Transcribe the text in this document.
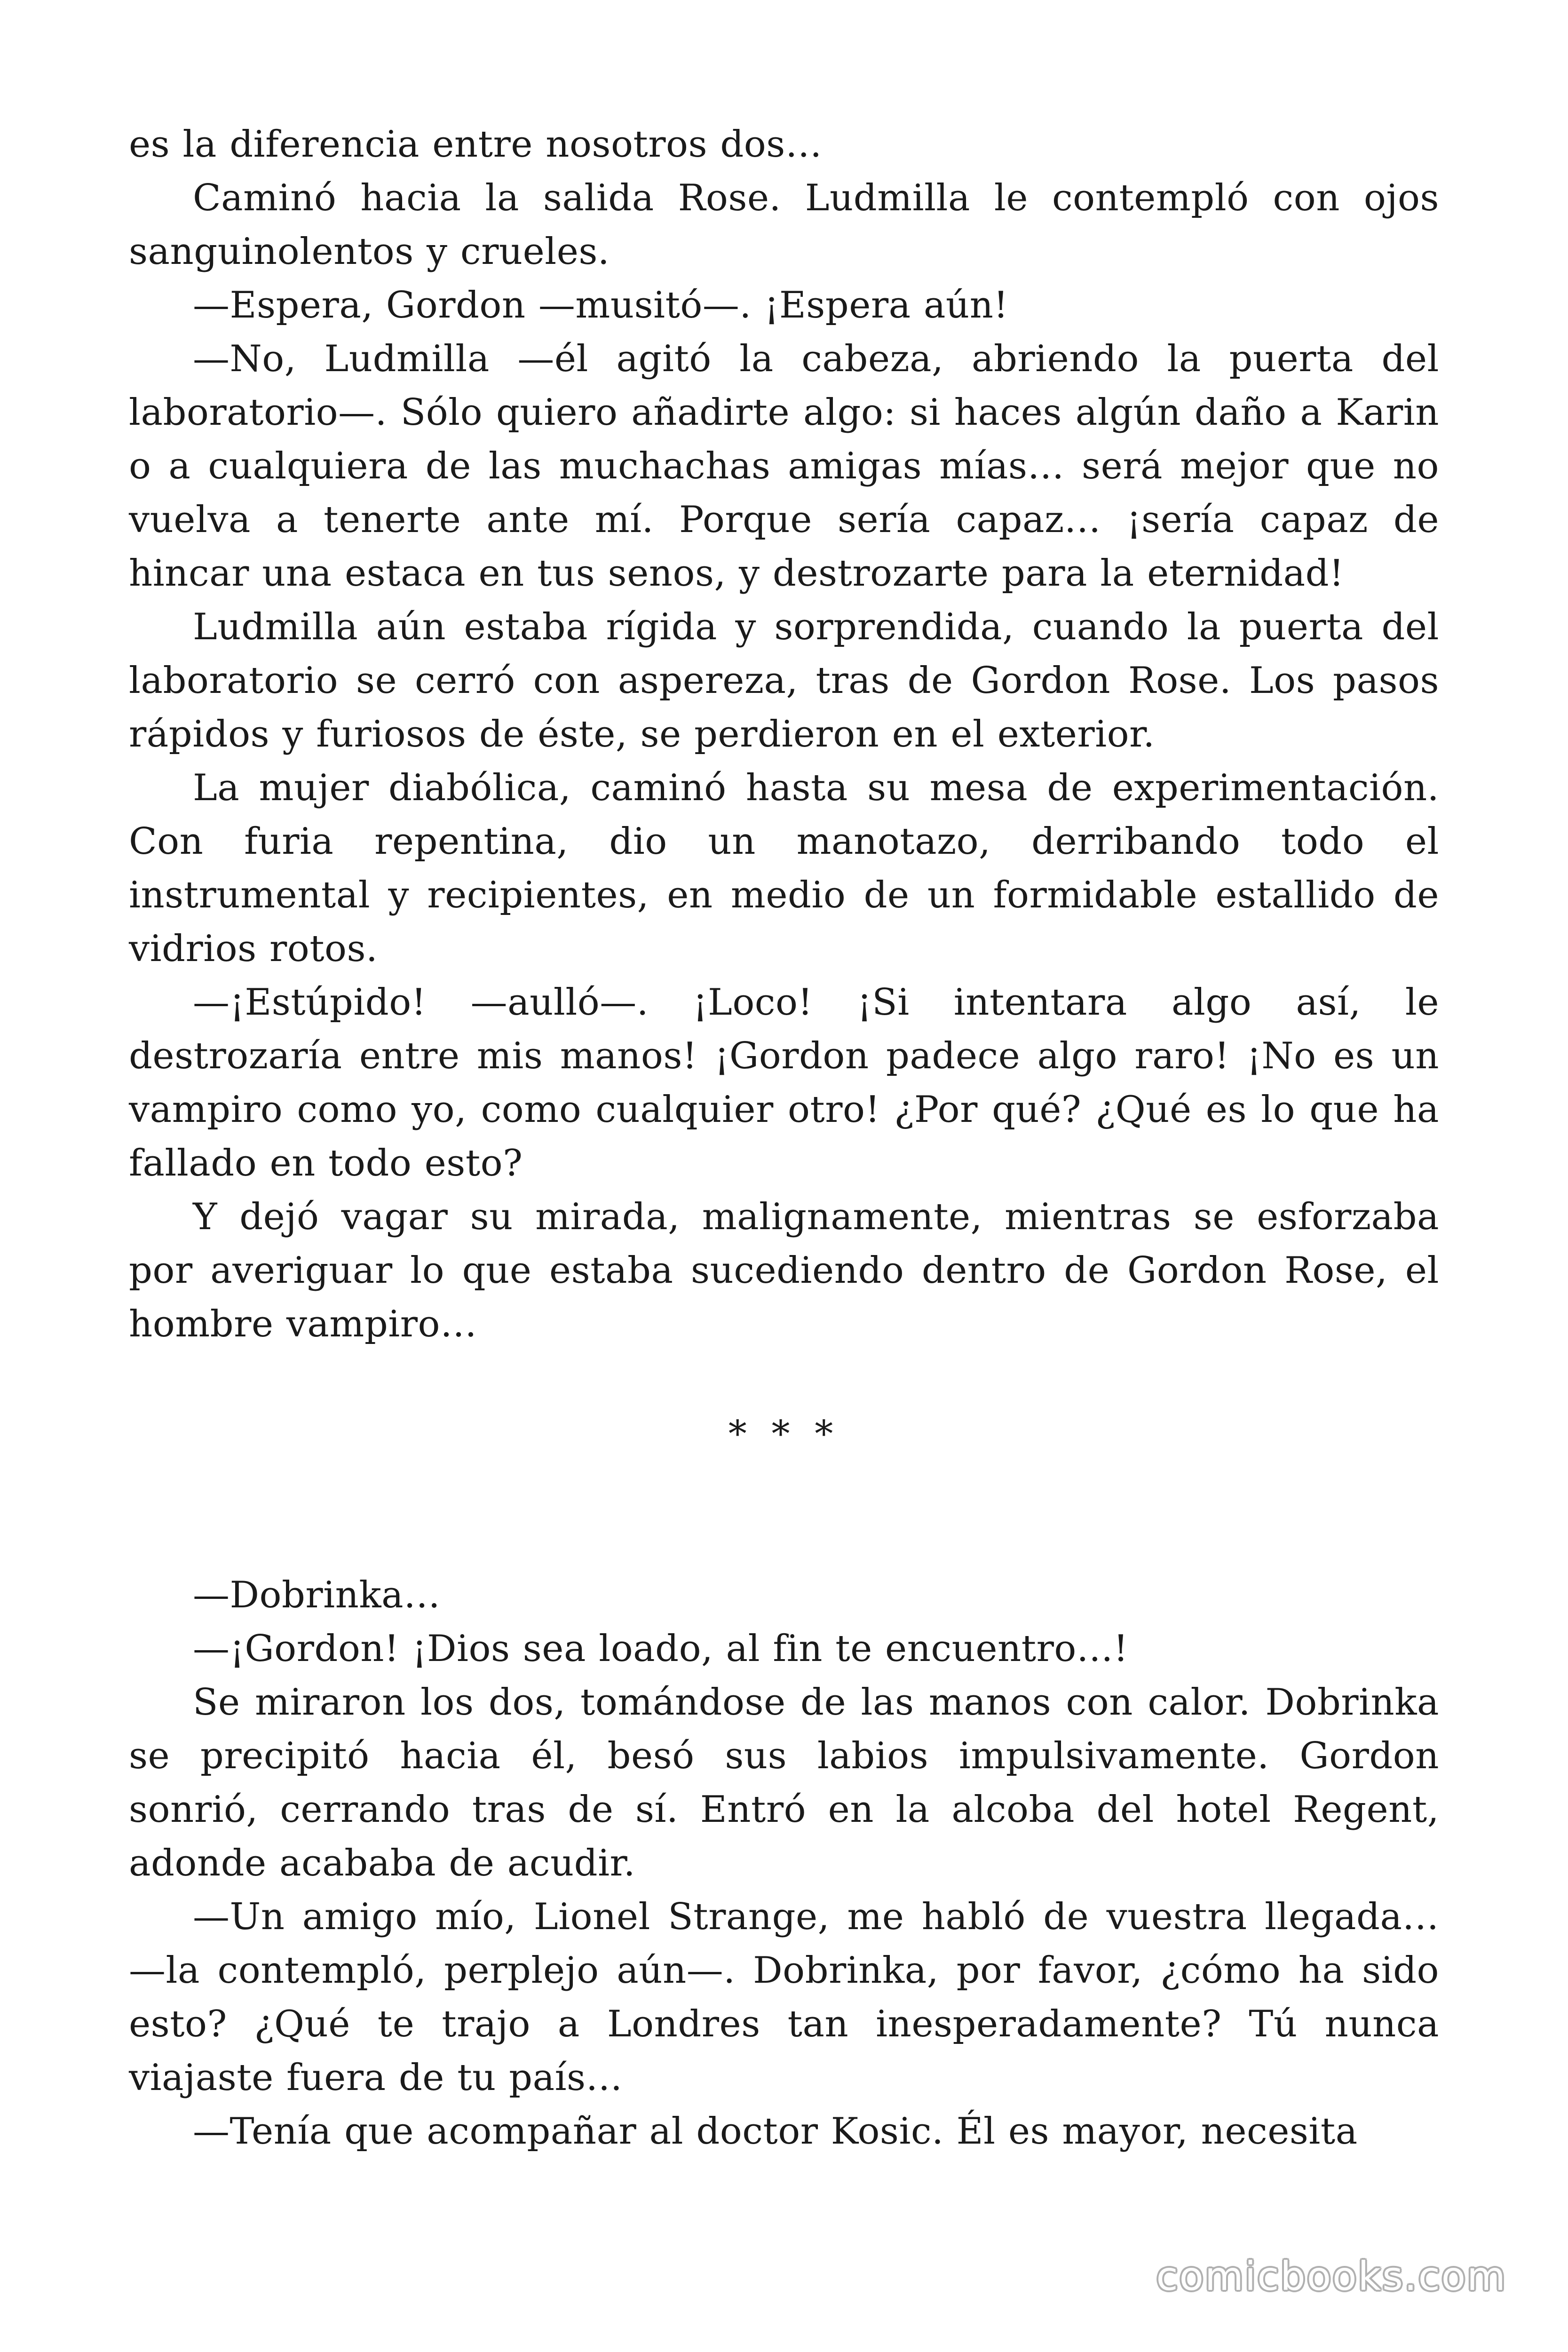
es la diferencia entre nosotros dos…

Caminó hacia la salida Rose. Ludmilla le contempló con ojos sanguinolentos y crueles.

—Espera, Gordon —musitó—. ¡Espera aún!

—No, Ludmilla —él agitó la cabeza, abriendo la puerta del laboratorio—. Sólo quiero añadirte algo: si haces algún daño a Karin o a cualquiera de las muchachas amigas mías… será mejor que no vuelva a tenerte ante mí. Porque sería capaz… ¡sería capaz de hincar una estaca en tus senos, y destrozarte para la eternidad!

Ludmilla aún estaba rígida y sorprendida, cuando la puerta del laboratorio se cerró con aspereza, tras de Gordon Rose. Los pasos rápidos y furiosos de éste, se perdieron en el exterior.

La mujer diabólica, caminó hasta su mesa de experimentación. Con furia repentina, dio un manotazo, derribando todo el instrumental y recipientes, en medio de un formidable estallido de vidrios rotos.

—¡Estúpido! —aulló—. ¡Loco! ¡Si intentara algo así, le destrozaría entre mis manos! ¡Gordon padece algo raro! ¡No es un vampiro como yo, como cualquier otro! ¿Por qué? ¿Qué es lo que ha fallado en todo esto?

Y dejó vagar su mirada, malignamente, mientras se esforzaba por averiguar lo que estaba sucediendo dentro de Gordon Rose, el hombre vampiro…

* * *

—Dobrinka…

—¡Gordon! ¡Dios sea loado, al fin te encuentro…!

Se miraron los dos, tomándose de las manos con calor. Dobrinka se precipitó hacia él, besó sus labios impulsivamente. Gordon sonrió, cerrando tras de sí. Entró en la alcoba del hotel Regent, adonde acababa de acudir.

—Un amigo mío, Lionel Strange, me habló de vuestra llegada… —la contempló, perplejo aún—. Dobrinka, por favor, ¿cómo ha sido esto? ¿Qué te trajo a Londres tan inesperadamente? Tú nunca viajaste fuera de tu país…

—Tenía que acompañar al doctor Kosic. Él es mayor, necesita

comicbooks.com
